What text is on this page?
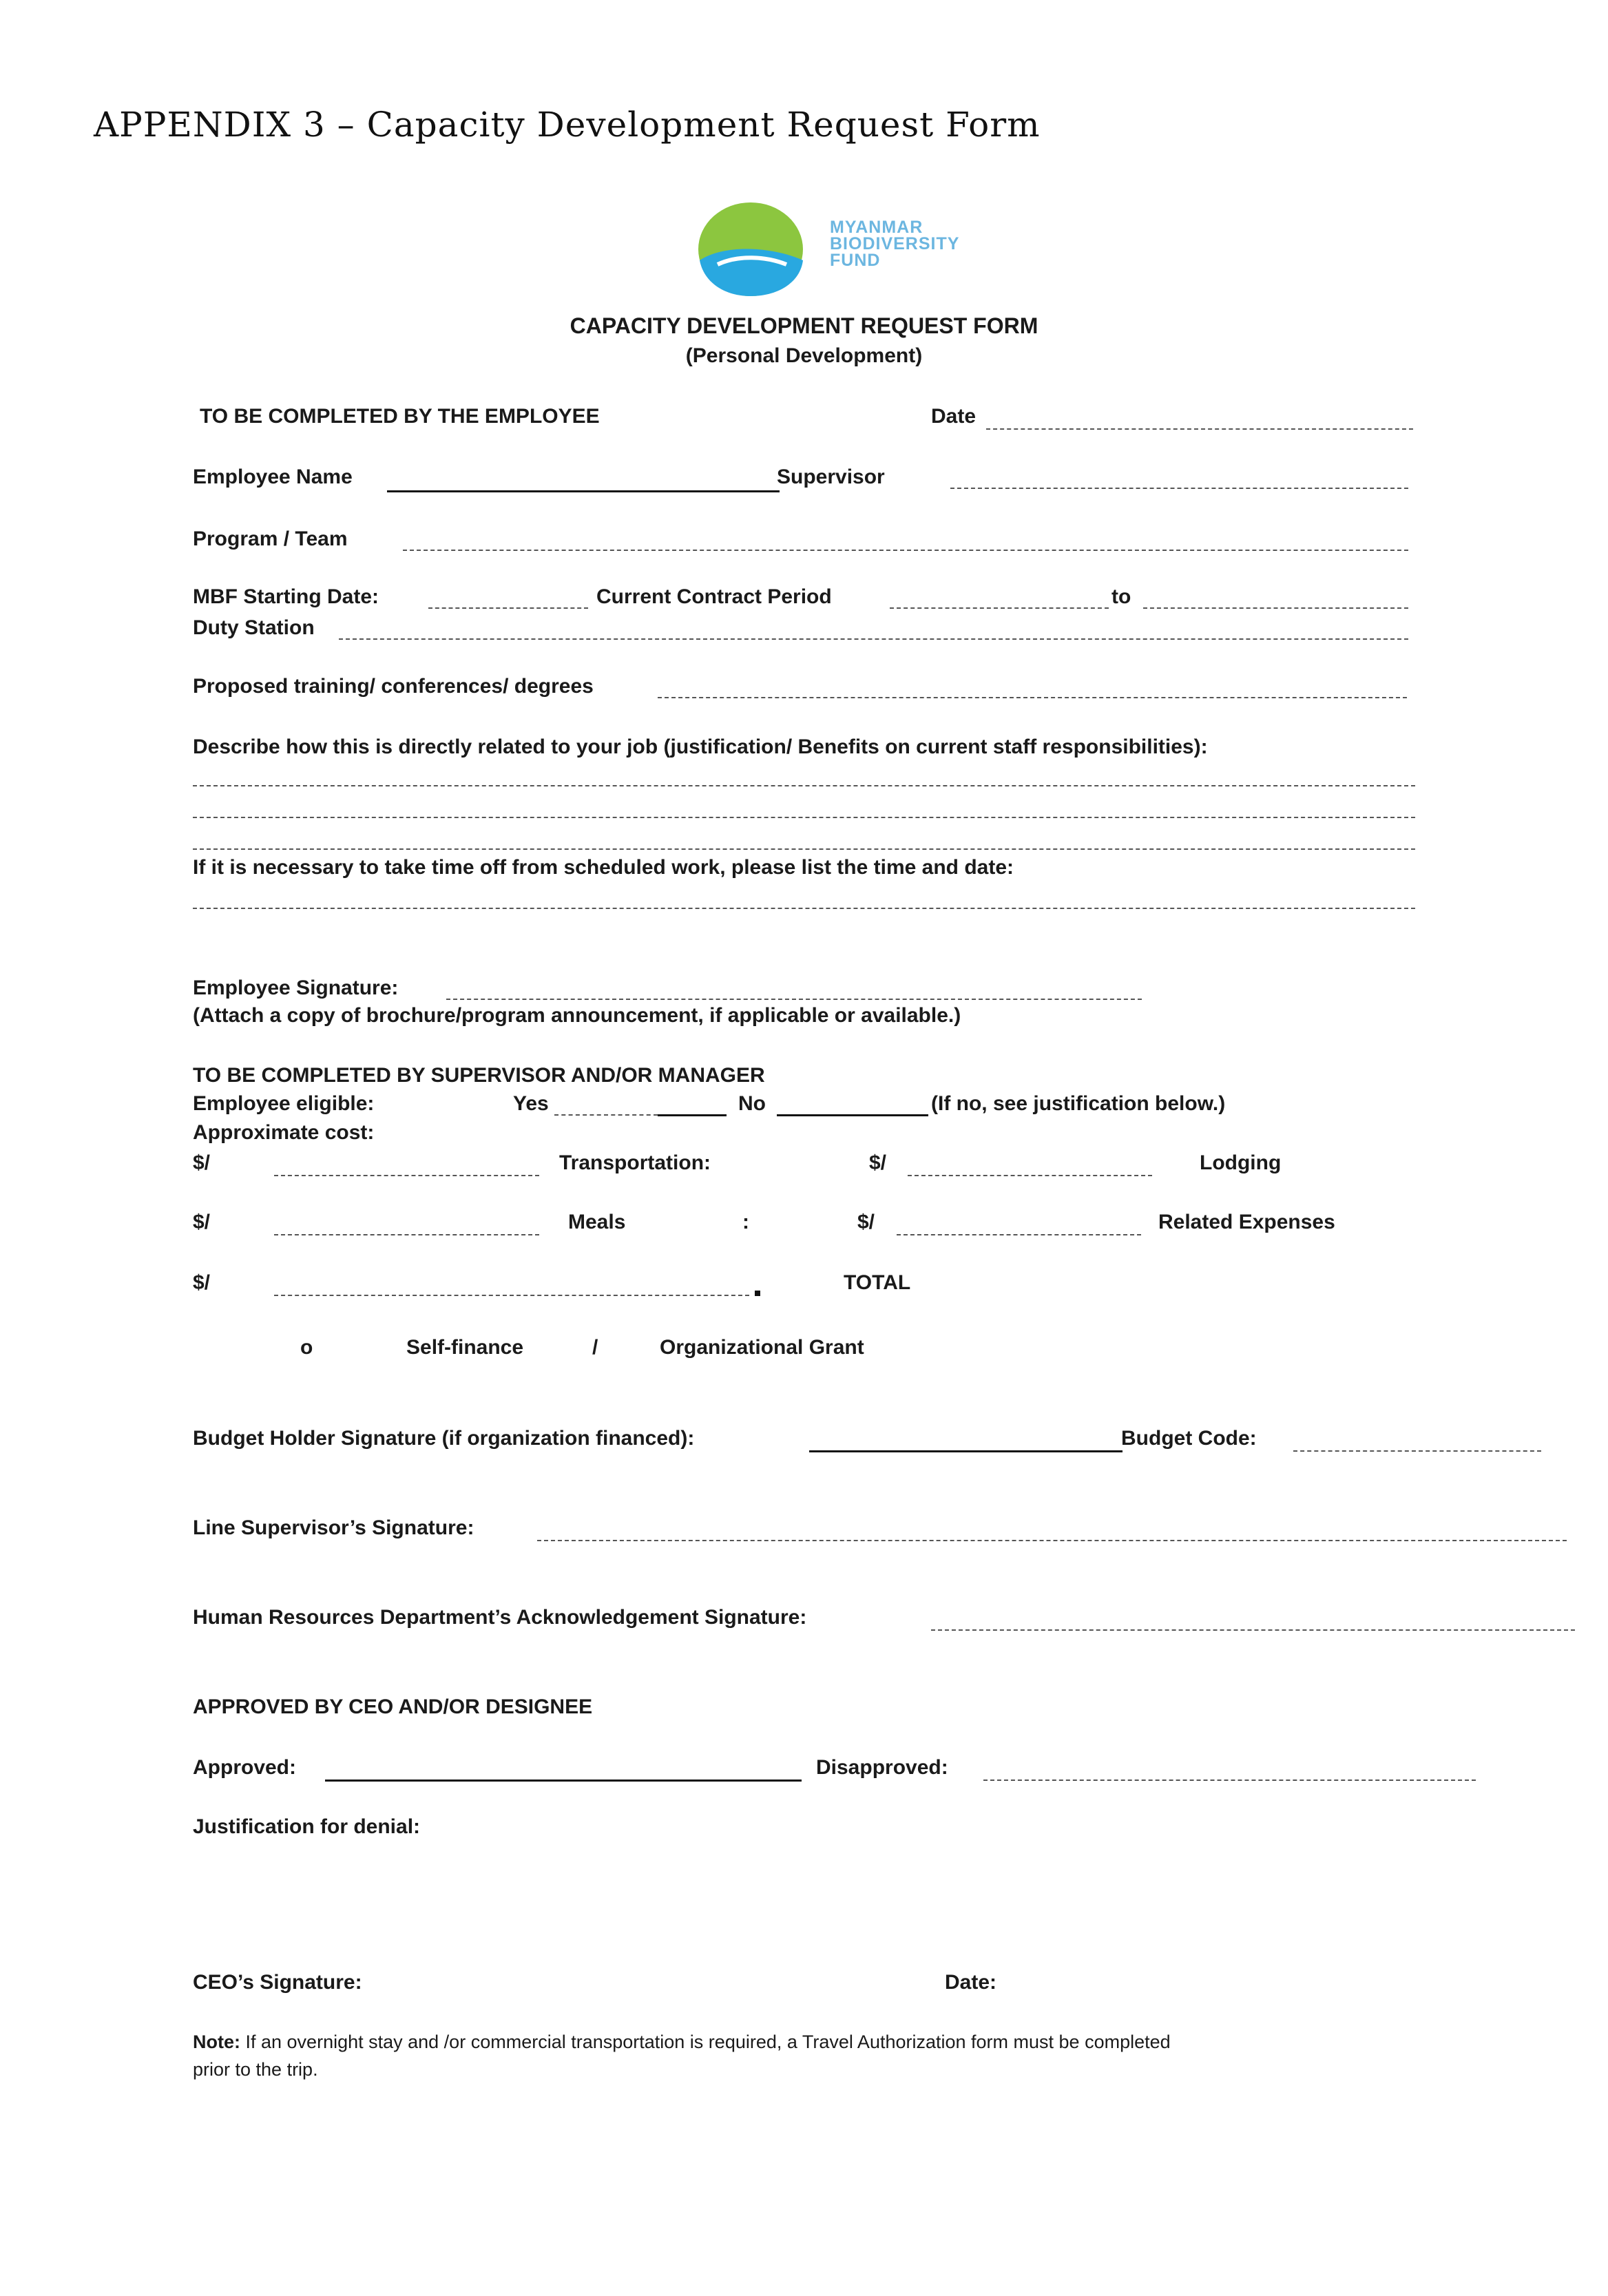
APPENDIX 3 – Capacity Development Request Form
MYANMAR
BIODIVERSITY
FUND
CAPACITY DEVELOPMENT REQUEST FORM
(Personal Development)
TO BE COMPLETED BY THE EMPLOYEE	Date
Employee Name	Supervisor
Program / Team
MBF Starting Date:	Current Contract Period	to
Duty Station
Proposed training/ conferences/ degrees
Describe how this is directly related to your job (justification/ Benefits on current staff responsibilities):
If it is necessary to take time off from scheduled work, please list the time and date:
Employee Signature:
(Attach a copy of brochure/program announcement, if applicable or available.)
TO BE COMPLETED BY SUPERVISOR AND/OR MANAGER
Employee eligible:	Yes	No	(If no, see justification below.)
Approximate cost:
$/	Transportation:	$/	Lodging
$/	Meals	:	$/	Related Expenses
$/	TOTAL
o	Self-finance	/	Organizational Grant
Budget Holder Signature (if organization financed):	Budget Code:
Line Supervisor’s Signature:
Human Resources Department’s Acknowledgement Signature:
APPROVED BY CEO AND/OR DESIGNEE
Approved:	Disapproved:
Justification for denial:
CEO’s Signature:	Date:
Note: If an overnight stay and /or commercial transportation is required, a Travel Authorization form must be completed
prior to the trip.
